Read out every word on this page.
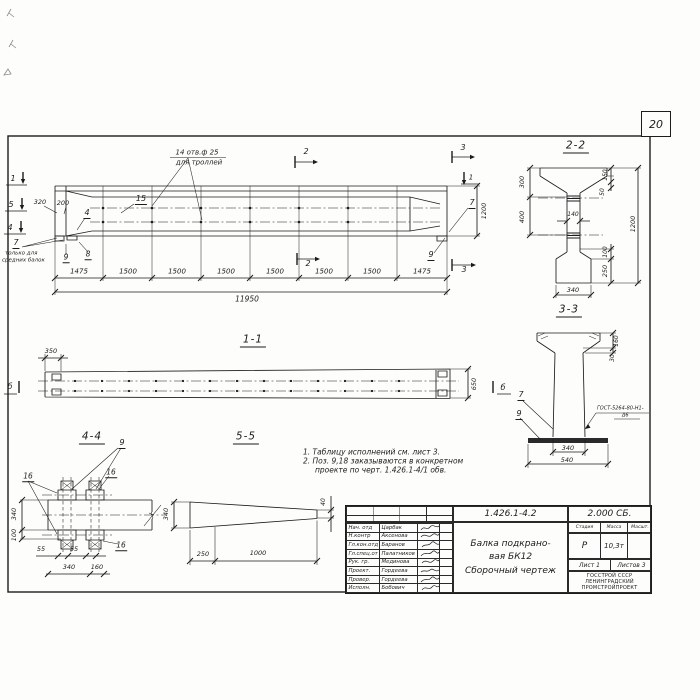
20
1
5
4
320 200	15
4
14 отв.ф 25
для троллей
2
2
3
3
1
7
9
1200
7
только для
средних балок	9 8
1475	1500	1500	1500	1500	1500	1500	1475
11950
2-2
300
400	140
150
50
1200
100
250
340
3-3
160
30
7
9
ГОСТ-5264-80-Н1-
Δ6
340
540
1-1
350
650
б	б
4-4	9
16	16
16
340
100
55	55
340 160
5-5
340
40
250	1000
1. Таблицу исполнений см. лист 3.
2. Поз. 9,18 заказываются в конкретном
проекте по черт. 1.426.1-4/1 обв.
1.426.1-4.2	2.000 СБ.
Балка подкрано-
вая БК12
Сборочный чертеж
Нач. отд	Царбак
Н.контр	Аксенова
Гл.кон.отд Баранов
Гл.спец.от Палатников
Рук. гр.	Мединова
Проект.	Гордеева
Провер.	Гордеева
Исполн.	Бобович
Стадия	Масса	Масшт.
Р	10,3т
Лист 1	Листов 3
ГОССТРОЙ СССР
ЛЕНИНГРАДСКИЙ
ПРОМСТРОЙПРОЕКТ
